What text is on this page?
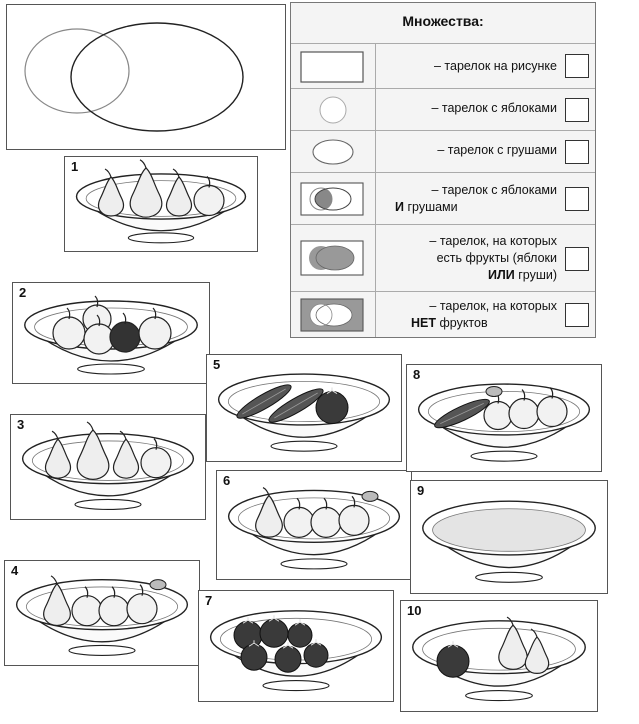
Множества:
– тарелок на рисунке
– тарелок с яблоками
– тарелок с грушами
– тарелок с яблоками
И грушами
– тарелок, на которых
есть фрукты (яблоки
ИЛИ груши)
– тарелок, на которых
НЕТ фруктов
1
2
3
4
5
6
7
8
9
10
